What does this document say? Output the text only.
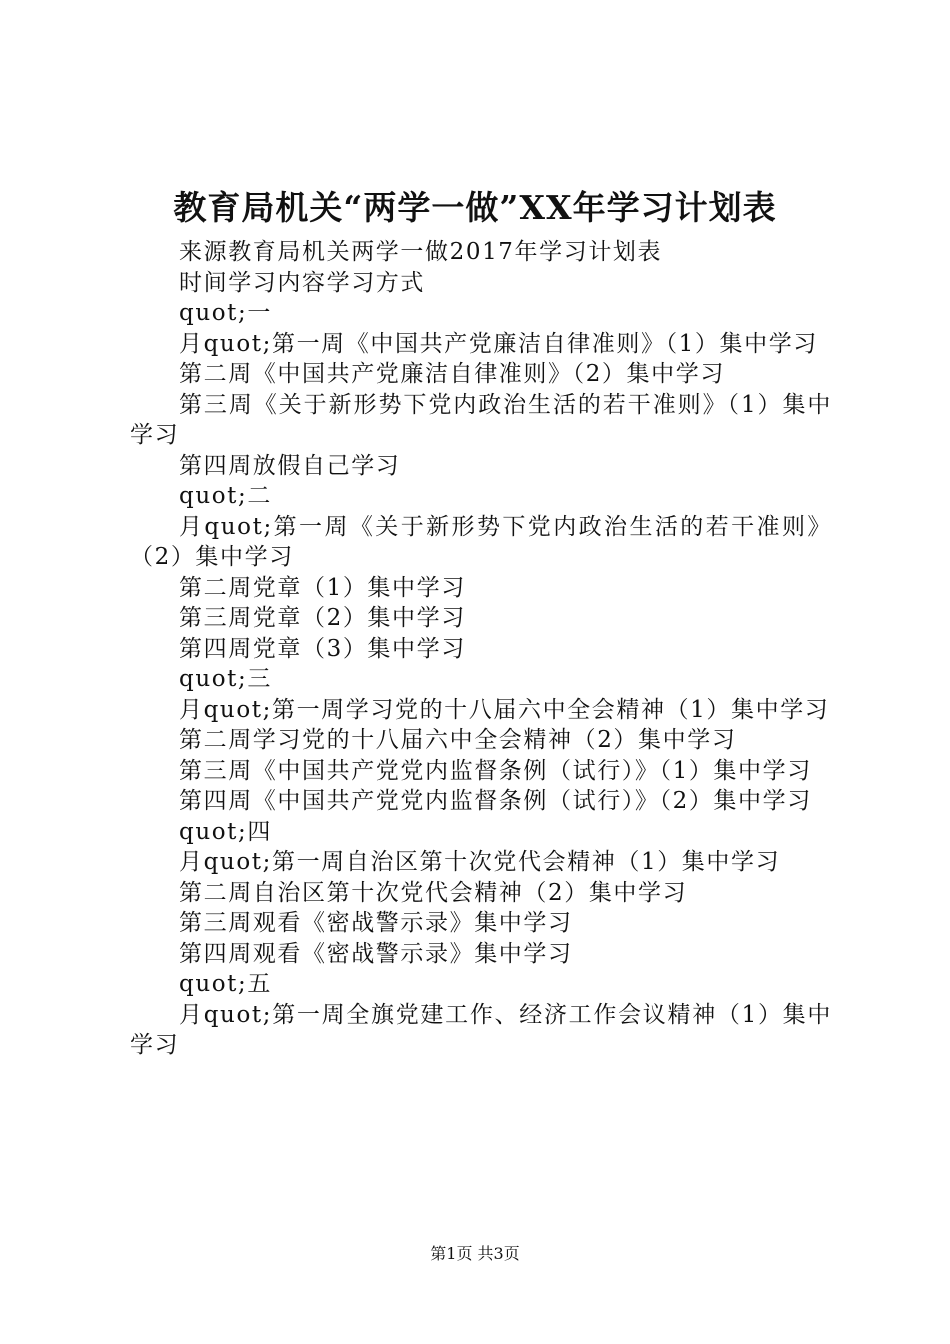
教育局机关“两学一做”XX年学习计划表

来源教育局机关两学一做2017年学习计划表

时间学习内容学习方式

quot;一

月quot;第一周《中国共产党廉洁自律准则》（1）集中学习

第二周《中国共产党廉洁自律准则》（2）集中学习

第三周《关于新形势下党内政治生活的若干准则》（1）集中学习

第四周放假自己学习

quot;二

月quot;第一周《关于新形势下党内政治生活的若干准则》（2）集中学习

第二周党章（1）集中学习

第三周党章（2）集中学习

第四周党章（3）集中学习

quot;三

月quot;第一周学习党的十八届六中全会精神（1）集中学习

第二周学习党的十八届六中全会精神（2）集中学习

第三周《中国共产党党内监督条例（试行）》（1）集中学习

第四周《中国共产党党内监督条例（试行）》（2）集中学习

quot;四

月quot;第一周自治区第十次党代会精神（1）集中学习

第二周自治区第十次党代会精神（2）集中学习

第三周观看《密战警示录》集中学习

第四周观看《密战警示录》集中学习

quot;五

月quot;第一周全旗党建工作、经济工作会议精神（1）集中学习

第1页 共3页
